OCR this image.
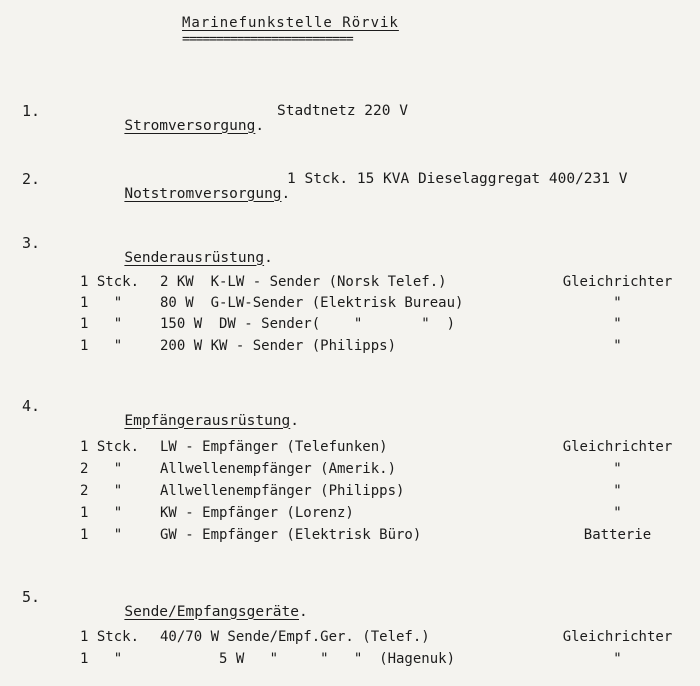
Marinefunkstelle Rörvik
=========================
1.

Stromversorgung.

Stadtnetz 220 V
2.

Notstromversorgung.

1 Stck. 15 KVA Dieselaggregat 400/231 V
3.

Senderausrüstung.

1 Stck. 2 KW  K-LW - Sender (Norsk Telef.)	Gleichrichter
1   "	80 W  G-LW-Sender (Elektrisk Bureau)	"
1   "	150 W  DW - Sender(    "       "  )	"
1   "	200 W KW - Sender (Philipps)	"
4.

Empfängerausrüstung.

1 Stck. LW - Empfänger (Telefunken)	Gleichrichter
2   "	Allwellenempfänger (Amerik.)	"
2   "	Allwellenempfänger (Philipps)	"
1   "	KW - Empfänger (Lorenz)	"
1   "	GW - Empfänger (Elektrisk Büro)	Batterie
5.

Sende/Empfangsgeräte.

1 Stck. 40/70 W Sende/Empf.Ger. (Telef.)	Gleichrichter
1   "	5 W   "     "   "  (Hagenuk)	"
